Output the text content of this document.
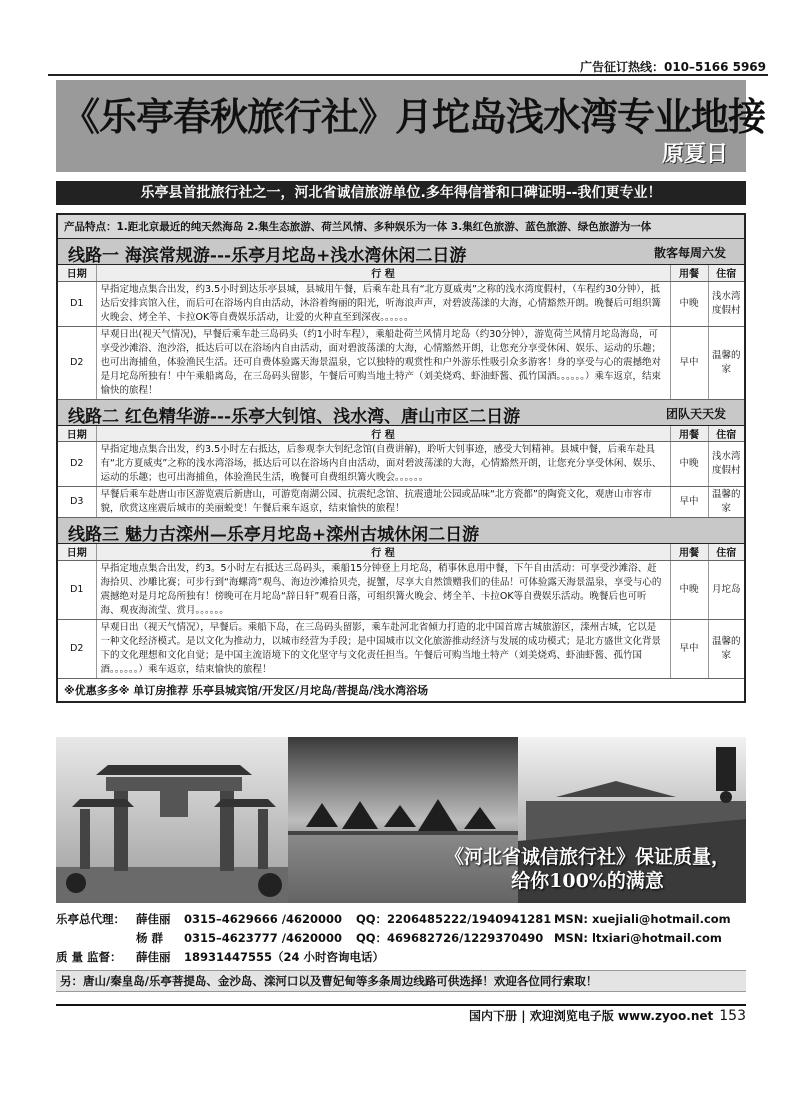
广告征订热线：010–5166 5969
《乐亭春秋旅行社》月坨岛浅水湾专业地接
原夏日
乐亭县首批旅行社之一，河北省诚信旅游单位.多年得信誉和口碑证明--我们更专业！
产品特点：1.距北京最近的纯天然海岛 2.集生态旅游、荷兰风情、多种娱乐为一体 3.集红色旅游、蓝色旅游、绿色旅游为一体
线路一 海滨常规游---乐亭月坨岛+浅水湾休闲二日游	散客每周六发
日期	行 程	用餐	住宿
D1	早指定地点集合出发，约3.5小时到达乐亭县城，县城用午餐，后乘车赴具有“北方夏威夷”之称的浅水湾度假村，（车程约30分钟），抵达后安排宾馆入住，而后可在浴场内自由活动，沐浴着绚丽的阳光，听海浪声声，对碧波荡漾的大海，心情豁然开朗。晚餐后可组织篝火晚会、烤全羊、卡拉OK等自费娱乐活动，让爱的火种直至到深夜。。。。。。	中晚	浅水湾度假村
D2	早观日出(视天气情况)，早餐后乘车赴三岛码头（约1小时车程），乘船赴荷兰风情月坨岛（约30分钟），游览荷兰风情月坨岛海岛，可享受沙滩浴、泡沙浴，抵达后可以在浴场内自由活动，面对碧波荡漾的大海，心情豁然开朗，让您充分享受休闲、娱乐、运动的乐趣；也可出海捕鱼，体验渔民生活。还可自费体验露天海景温泉，它以独特的观赏性和户外游乐性吸引众多游客！身的享受与心的震撼绝对是月坨岛所独有！中午乘船离岛，在三岛码头留影，午餐后可购当地土特产（刘美烧鸡、虾油虾酱、孤竹国酒。。。。。。）乘车返京，结束愉快的旅程！	早中	温馨的家
线路二 红色精华游---乐亭大钊馆、浅水湾、唐山市区二日游	团队天天发
日期	行 程	用餐	住宿
D2	早指定地点集合出发，约3.5小时左右抵达，后参观李大钊纪念馆(自费讲解)，聆听大钊事迹，感受大钊精神。县城中餐，后乘车赴具有“北方夏威夷”之称的浅水湾浴场，抵达后可以在浴场内自由活动，面对碧波荡漾的大海，心情豁然开朗，让您充分享受休闲、娱乐、运动的乐趣；也可出海捕鱼，体验渔民生活，晚餐可自费组织篝火晚会。。。。。。	中晚	浅水湾度假村
D3	早餐后乘车赴唐山市区游览震后新唐山，可游览南湖公园、抗震纪念馆、抗震遗址公园或品味“北方瓷都”的陶瓷文化，观唐山市容市貌，欣赏这座震后城市的美丽蜕变！午餐后乘车返京，结束愉快的旅程！	早中	温馨的家
线路三 魅力古滦州—乐亭月坨岛+滦州古城休闲二日游
日期	行 程	用餐	住宿
D1	早指定地点集合出发，约3。5小时左右抵达三岛码头，乘船15分钟登上月坨岛，稍事休息用中餐，下午自由活动：可享受沙滩浴、赶海拾贝、沙雕比赛；可步行到“海螺湾”观鸟、海边沙滩拾贝壳，捉蟹，尽享大自然馈赠我们的佳品！可体验露天海景温泉，享受与心的震撼绝对是月坨岛所独有！傍晚可在月坨岛“辞日轩”观看日落，可组织篝火晚会、烤全羊、卡拉OK等自费娱乐活动。晚餐后也可听海、观夜海流莹、赏月。。。。。。	中晚	月坨岛
D2	早观日出（视天气情况），早餐后。乘船下岛，在三岛码头留影，乘车赴河北省倾力打造的北中国首席古城旅游区，滦州古城，它以是一种文化经济模式。是以文化为推动力，以城市经营为手段；是中国城市以文化旅游推动经济与发展的成功模式；是北方盛世文化背景下的文化理想和文化自觉；是中国主流语境下的文化坚守与文化责任担当。午餐后可购当地土特产（刘美烧鸡、虾油虾酱、孤竹国酒。。。。。。）乘车返京，结束愉快的旅程！	早中	温馨的家
※优惠多多※ 单订房推荐 乐亭县城宾馆/开发区/月坨岛/菩提岛/浅水湾浴场
《河北省诚信旅行社》保证质量，
给你100%的满意
乐亭总代理： 薛佳丽 0315–4629666 /4620000 QQ：2206485222/1940941281 MSN: xuejiali@hotmail.com
杨 群 0315–4623777 /4620000 QQ：469682726/1229370490 MSN: ltxiari@hotmail.com
质 量 监督： 薛佳丽 18931447555（24 小时咨询电话）
另：唐山/秦皇岛/乐亭菩提岛、金沙岛、滦河口以及曹妃甸等多条周边线路可供选择！欢迎各位同行索取！
国内下册 | 欢迎浏览电子版 www.zyoo.net 153
